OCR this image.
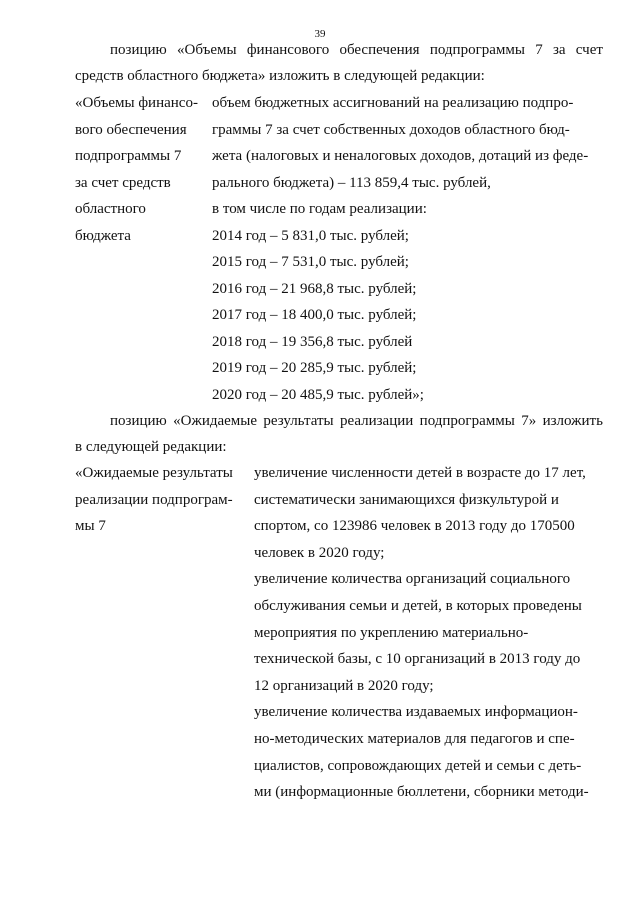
39
позицию «Объемы финансового обеспечения подпрограммы 7 за счет
средств областного бюджета» изложить в следующей редакции:
«Объемы финансо-
вого обеспечения
подпрограммы 7
за счет средств
областного
бюджета
объем бюджетных ассигнований на реализацию подпро-
граммы 7 за счет собственных доходов областного бюд-
жета (налоговых и неналоговых доходов, дотаций из феде-
рального бюджета) – 113 859,4 тыс. рублей,
в том числе по годам реализации:
2014 год – 5 831,0 тыс. рублей;
2015 год – 7 531,0 тыс. рублей;
2016 год – 21 968,8 тыс. рублей;
2017 год – 18 400,0 тыс. рублей;
2018 год – 19 356,8 тыс. рублей
2019 год – 20 285,9 тыс. рублей;
2020 год – 20 485,9 тыс. рублей»;
позицию «Ожидаемые результаты реализации подпрограммы 7» изложить
в следующей редакции:
«Ожидаемые результаты
реализации подпрограм-
мы 7
увеличение численности детей в возрасте до 17 лет,
систематически занимающихся физкультурой и
спортом, со 123986 человек в 2013 году до 170500
человек в 2020 году;
увеличение количества организаций социального
обслуживания семьи и детей, в которых проведены
мероприятия по укреплению материально-
технической базы, с 10 организаций в 2013 году до
12 организаций в 2020 году;
увеличение количества издаваемых информацион-
но-методических материалов для педагогов и спе-
циалистов, сопровождающих детей и семьи с деть-
ми (информационные бюллетени, сборники методи-
